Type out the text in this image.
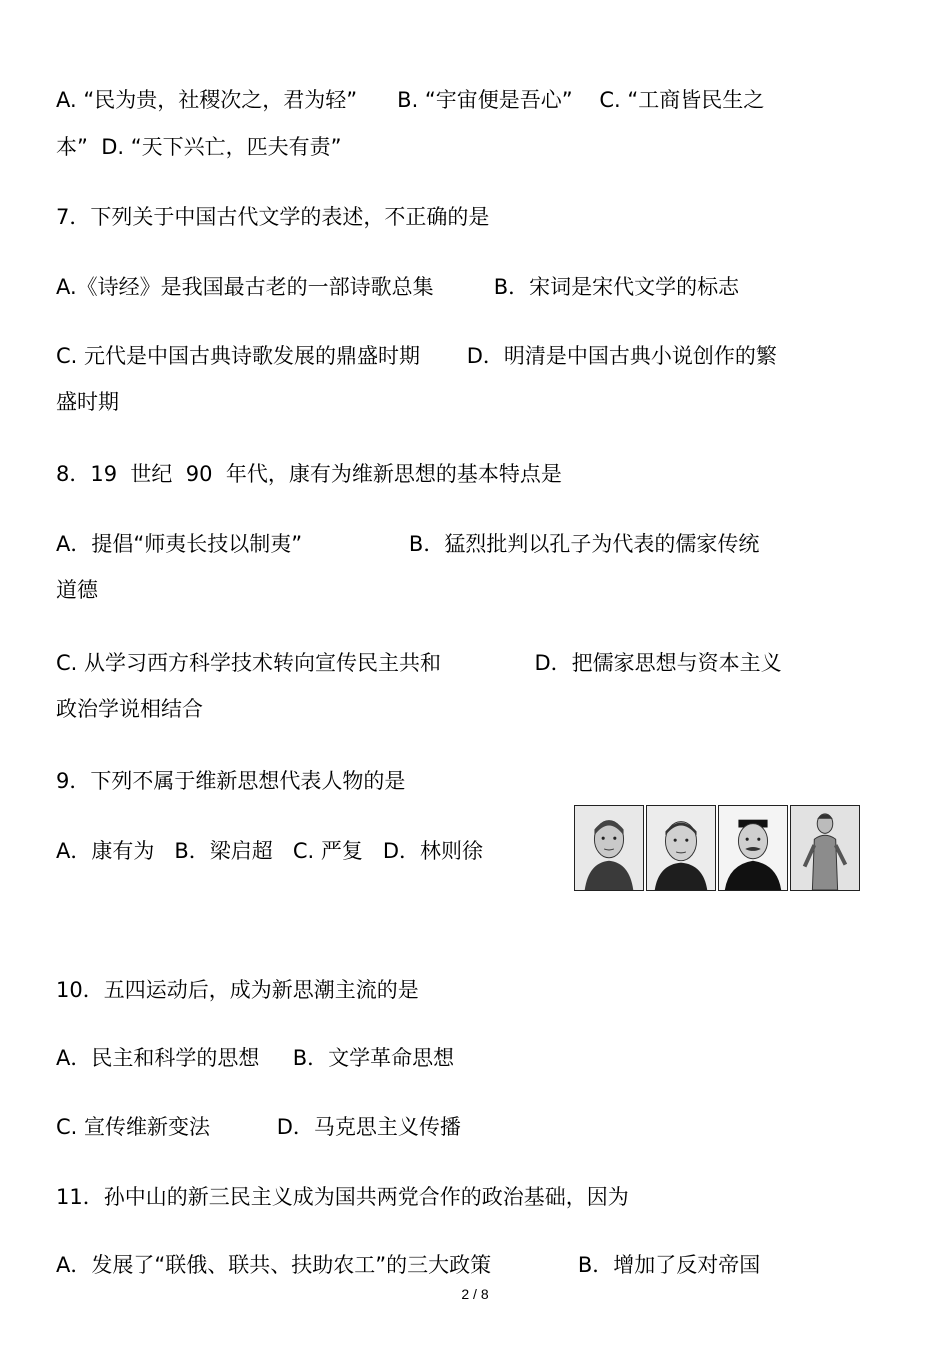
A. “民为贵，社稷次之，君为轻”      B. “宇宙便是吾心”    C. “工商皆民生之
本”  D. “天下兴亡，匹夫有责”
7．下列关于中国古代文学的表述，不正确的是
A.《诗经》是我国最古老的一部诗歌总集         B．宋词是宋代文学的标志
C. 元代是中国古典诗歌发展的鼎盛时期       D．明清是中国古典小说创作的繁
盛时期
8．19  世纪  90  年代，康有为维新思想的基本特点是
A．提倡“师夷长技以制夷”                B．猛烈批判以孔子为代表的儒家传统
道德
C. 从学习西方科学技术转向宣传民主共和              D．把儒家思想与资本主义
政治学说相结合
9．下列不属于维新思想代表人物的是
A．康有为   B．梁启超   C. 严复   D．林则徐
10．五四运动后，成为新思潮主流的是
A．民主和科学的思想     B．文学革命思想
C. 宣传维新变法          D．马克思主义传播
11．孙中山的新三民主义成为国共两党合作的政治基础，因为
A．发展了“联俄、联共、扶助农工”的三大政策             B．增加了反对帝国
2 / 8
